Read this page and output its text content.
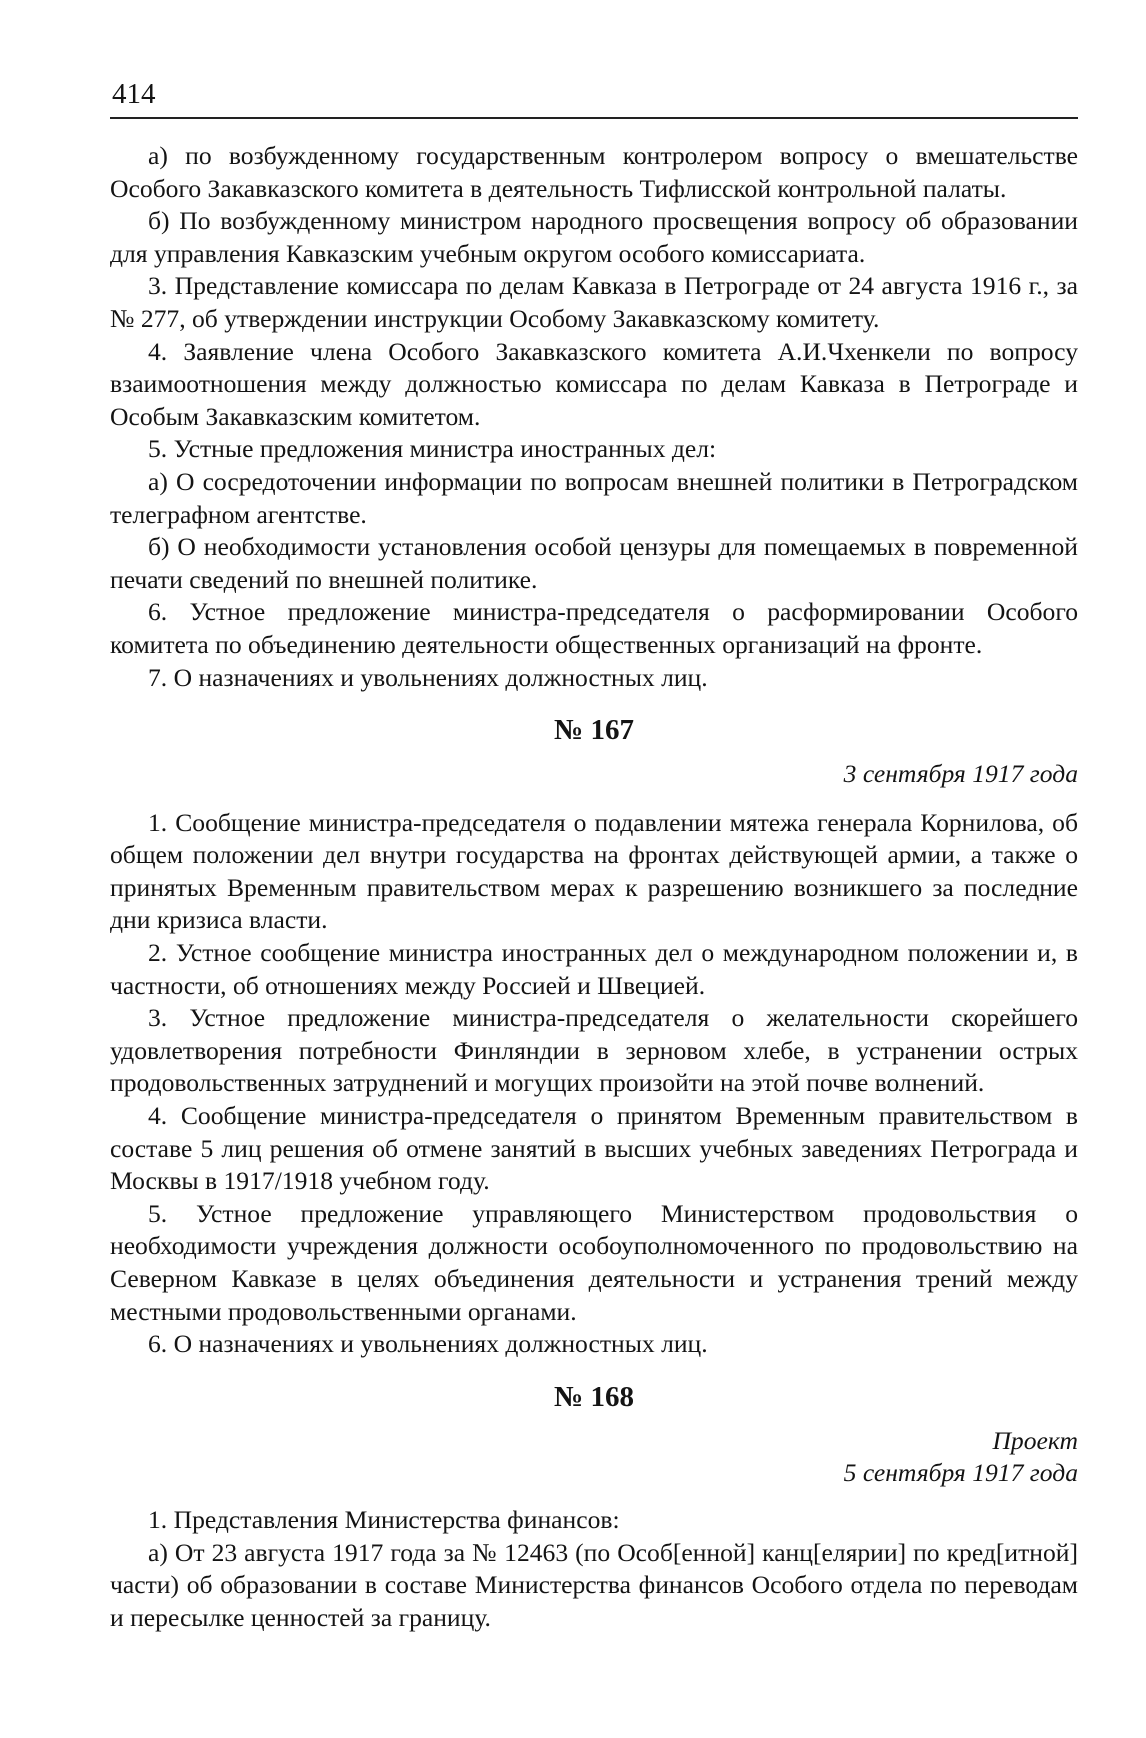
414

а) по возбужденному государственным контролером вопросу о вмешательстве Особого Закавказского комитета в деятельность Тифлисской контрольной палаты.

б) По возбужденному министром народного просвещения вопросу об образовании для управления Кавказским учебным округом особого комиссариата.

3. Представление комиссара по делам Кавказа в Петрограде от 24 августа 1916 г., за № 277, об утверждении инструкции Особому Закавказскому комитету.

4. Заявление члена Особого Закавказского комитета А.И.Чхенкели по вопросу взаимоотношения между должностью комиссара по делам Кавказа в Петрограде и Особым Закавказским комитетом.

5. Устные предложения министра иностранных дел:

а) О сосредоточении информации по вопросам внешней политики в Петроградском телеграфном агентстве.

б) О необходимости установления особой цензуры для помещаемых в повременной печати сведений по внешней политике.

6. Устное предложение министра-председателя о расформировании Особого комитета по объединению деятельности общественных организаций на фронте.

7. О назначениях и увольнениях должностных лиц.

№ 167
3 сентября 1917 года

1. Сообщение министра-председателя о подавлении мятежа генерала Корнилова, об общем положении дел внутри государства на фронтах действующей армии, а также о принятых Временным правительством мерах к разрешению возникшего за последние дни кризиса власти.

2. Устное сообщение министра иностранных дел о международном положении и, в частности, об отношениях между Россией и Швецией.

3. Устное предложение министра-председателя о желательности скорейшего удовлетворения потребности Финляндии в зерновом хлебе, в устранении острых продовольственных затруднений и могущих произойти на этой почве волнений.

4. Сообщение министра-председателя о принятом Временным правительством в составе 5 лиц решения об отмене занятий в высших учебных заведениях Петрограда и Москвы в 1917/1918 учебном году.

5. Устное предложение управляющего Министерством продовольствия о необходимости учреждения должности особоуполномоченного по продовольствию на Северном Кавказе в целях объединения деятельности и устранения трений между местными продовольственными органами.

6. О назначениях и увольнениях должностных лиц.

№ 168
Проект
5 сентября 1917 года

1. Представления Министерства финансов:

а) От 23 августа 1917 года за № 12463 (по Особ[енной] канц[елярии] по кред[итной] части) об образовании в составе Министерства финансов Особого отдела по переводам и пересылке ценностей за границу.
